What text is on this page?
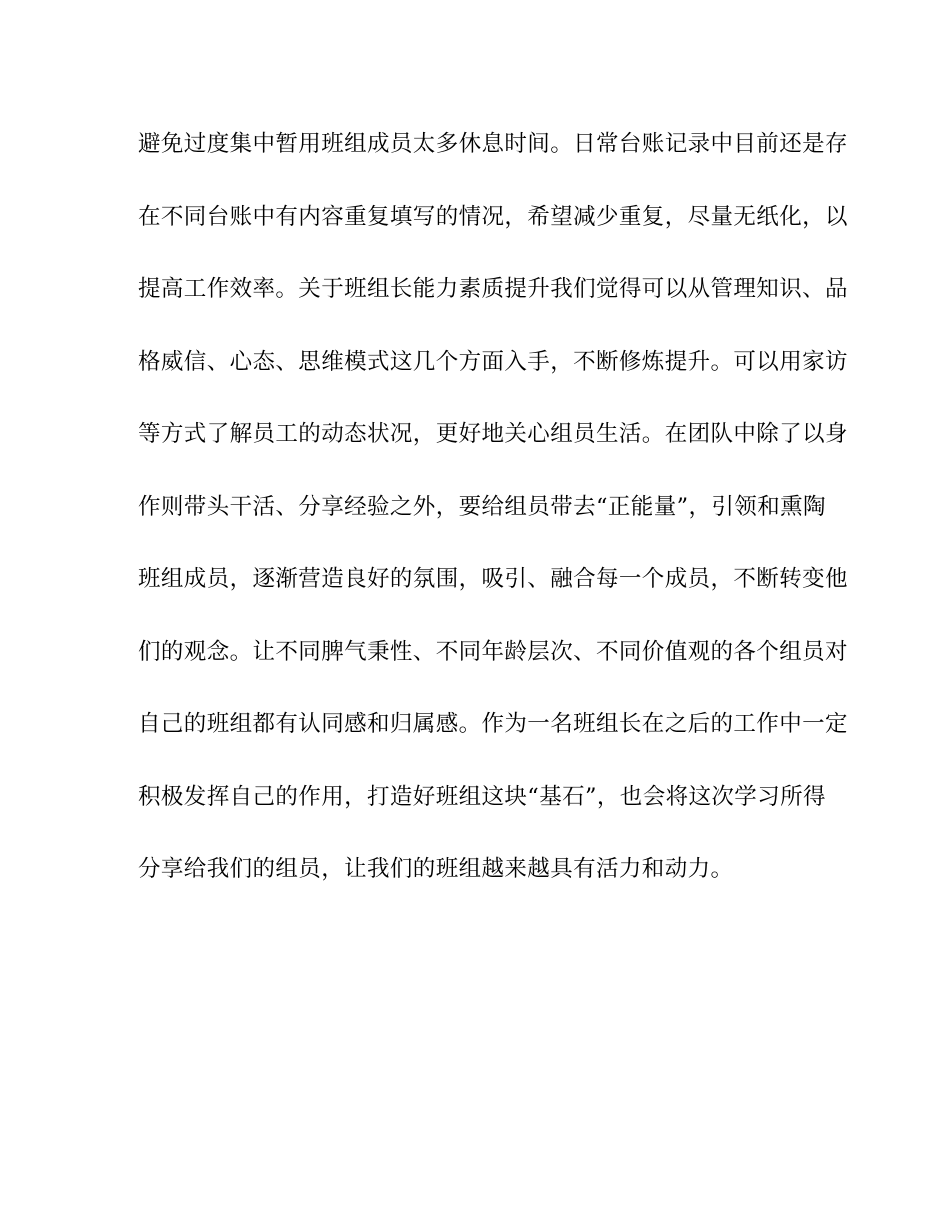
避免过度集中暂用班组成员太多休息时间。日常台账记录中目前还是存
在不同台账中有内容重复填写的情况，希望减少重复，尽量无纸化，以
提高工作效率。关于班组长能力素质提升我们觉得可以从管理知识、品
格威信、心态、思维模式这几个方面入手，不断修炼提升。可以用家访
等方式了解员工的动态状况，更好地关心组员生活。在团队中除了以身
作则带头干活、分享经验之外，要给组员带去“正能量”，引领和熏陶
班组成员，逐渐营造良好的氛围，吸引、融合每一个成员，不断转变他
们的观念。让不同脾气秉性、不同年龄层次、不同价值观的各个组员对
自己的班组都有认同感和归属感。作为一名班组长在之后的工作中一定
积极发挥自己的作用，打造好班组这块“基石”，也会将这次学习所得
分享给我们的组员，让我们的班组越来越具有活力和动力。
